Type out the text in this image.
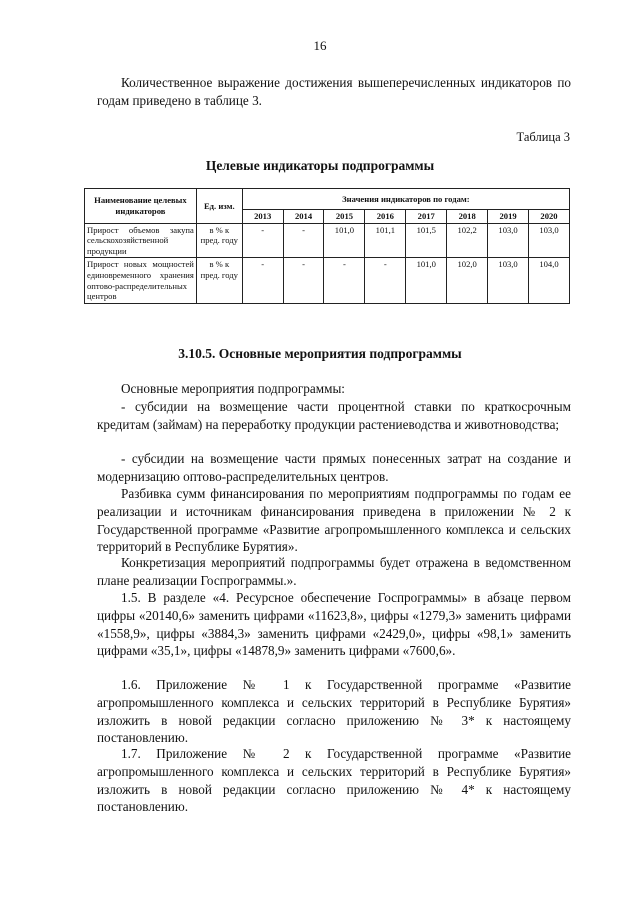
16
Количественное выражение достижения вышеперечисленных индикаторов по годам приведено в таблице 3.
Таблица 3
Целевые индикаторы подпрограммы
Наименование целевых индикаторов	Ед. изм.	Значения индикаторов по годам:							
		2013	2014	2015	2016	2017	2018	2019	2020
Прирост объемов закупа сельскохозяйственной продукции	в % к пред. году	-	-	101,0	101,1	101,5	102,2	103,0	103,0
Прирост новых мощностей единовременного хранения оптово-распределительных центров	в % к пред. году	-	-	-	-	101,0	102,0	103,0	104,0
3.10.5. Основные мероприятия подпрограммы
Основные мероприятия подпрограммы:
- субсидии на возмещение части процентной ставки по краткосрочным кредитам (займам) на переработку продукции растениеводства и животноводства;
- субсидии на возмещение части прямых понесенных затрат на создание и модернизацию оптово-распределительных центров.
Разбивка сумм финансирования по мероприятиям подпрограммы по годам ее реализации и источникам финансирования приведена в приложении № 2 к Государственной программе «Развитие агропромышленного комплекса и сельских территорий в Республике Бурятия».
Конкретизация мероприятий подпрограммы будет отражена в ведомственном плане реализации Госпрограммы.».
1.5. В разделе «4. Ресурсное обеспечение Госпрограммы» в абзаце первом цифры «20140,6» заменить цифрами «11623,8», цифры «1279,3» заменить цифрами «1558,9», цифры «3884,3» заменить цифрами «2429,0», цифры «98,1» заменить цифрами «35,1», цифры «14878,9» заменить цифрами «7600,6».
1.6. Приложение № 1 к Государственной программе «Развитие агропромышленного комплекса и сельских территорий в Республике Бурятия» изложить в новой редакции согласно приложению № 3* к настоящему постановлению.
1.7. Приложение № 2 к Государственной программе «Развитие агропромышленного комплекса и сельских территорий в Республике Бурятия» изложить в новой редакции согласно приложению № 4* к настоящему постановлению.
